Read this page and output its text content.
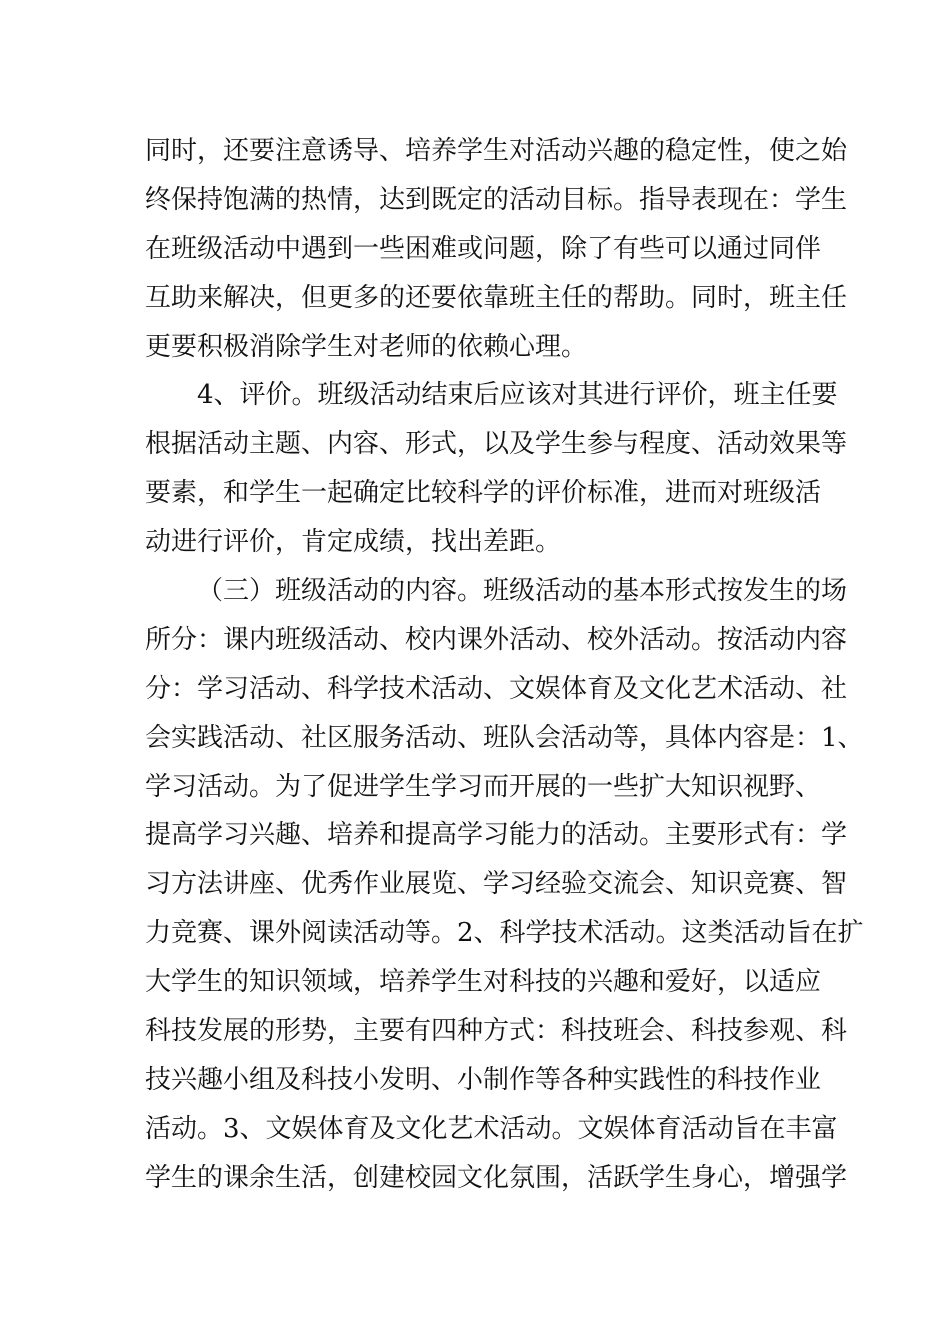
同时，还要注意诱导、培养学生对活动兴趣的稳定性，使之始
终保持饱满的热情，达到既定的活动目标。指导表现在：学生
在班级活动中遇到一些困难或问题，除了有些可以通过同伴
互助来解决，但更多的还要依靠班主任的帮助。同时，班主任
更要积极消除学生对老师的依赖心理。
4、评价。班级活动结束后应该对其进行评价，班主任要
根据活动主题、内容、形式，以及学生参与程度、活动效果等
要素，和学生一起确定比较科学的评价标准，进而对班级活
动进行评价，肯定成绩，找出差距。
（三）班级活动的内容。班级活动的基本形式按发生的场
所分：课内班级活动、校内课外活动、校外活动。按活动内容
分：学习活动、科学技术活动、文娱体育及文化艺术活动、社
会实践活动、社区服务活动、班队会活动等，具体内容是：1、
学习活动。为了促进学生学习而开展的一些扩大知识视野、
提高学习兴趣、培养和提高学习能力的活动。主要形式有：学
习方法讲座、优秀作业展览、学习经验交流会、知识竞赛、智
力竞赛、课外阅读活动等。2、科学技术活动。这类活动旨在扩
大学生的知识领域，培养学生对科技的兴趣和爱好，以适应
科技发展的形势，主要有四种方式：科技班会、科技参观、科
技兴趣小组及科技小发明、小制作等各种实践性的科技作业
活动。3、文娱体育及文化艺术活动。文娱体育活动旨在丰富
学生的课余生活，创建校园文化氛围，活跃学生身心，增强学
